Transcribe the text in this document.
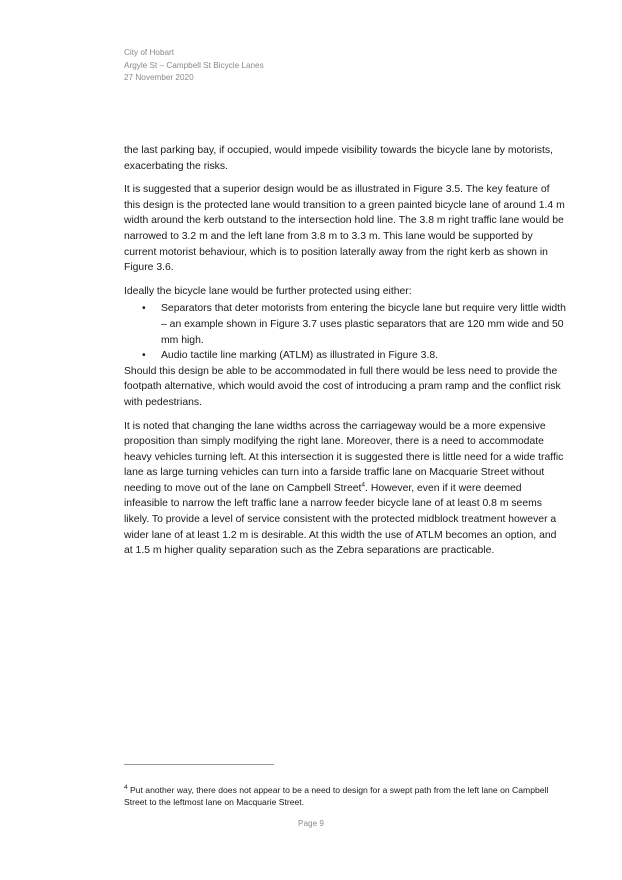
City of Hobart
Argyle St – Campbell St Bicycle Lanes
27 November 2020

the last parking bay, if occupied, would impede visibility towards the bicycle lane by motorists, exacerbating the risks.

It is suggested that a superior design would be as illustrated in Figure 3.5. The key feature of this design is the protected lane would transition to a green painted bicycle lane of around 1.4 m width around the kerb outstand to the intersection hold line. The 3.8 m right traffic lane would be narrowed to 3.2 m and the left lane from 3.8 m to 3.3 m. This lane would be supported by current motorist behaviour, which is to position laterally away from the right kerb as shown in Figure 3.6.

Ideally the bicycle lane would be further protected using either:

• Separators that deter motorists from entering the bicycle lane but require very little width – an example shown in Figure 3.7 uses plastic separators that are 120 mm wide and 50 mm high.
• Audio tactile line marking (ATLM) as illustrated in Figure 3.8.

Should this design be able to be accommodated in full there would be less need to provide the footpath alternative, which would avoid the cost of introducing a pram ramp and the conflict risk with pedestrians.

It is noted that changing the lane widths across the carriageway would be a more expensive proposition than simply modifying the right lane. Moreover, there is a need to accommodate heavy vehicles turning left. At this intersection it is suggested there is little need for a wide traffic lane as large turning vehicles can turn into a farside traffic lane on Macquarie Street without needing to move out of the lane on Campbell Street$^4$. However, even if it were deemed infeasible to narrow the left traffic lane a narrow feeder bicycle lane of at least 0.8 m seems likely. To provide a level of service consistent with the protected midblock treatment however a wider lane of at least 1.2 m is desirable. At this width the use of ATLM becomes an option, and at 1.5 m higher quality separation such as the Zebra separations are practicable.

$^4$ Put another way, there does not appear to be a need to design for a swept path from the left lane on Campbell Street to the leftmost lane on Macquarie Street.
Page 9
